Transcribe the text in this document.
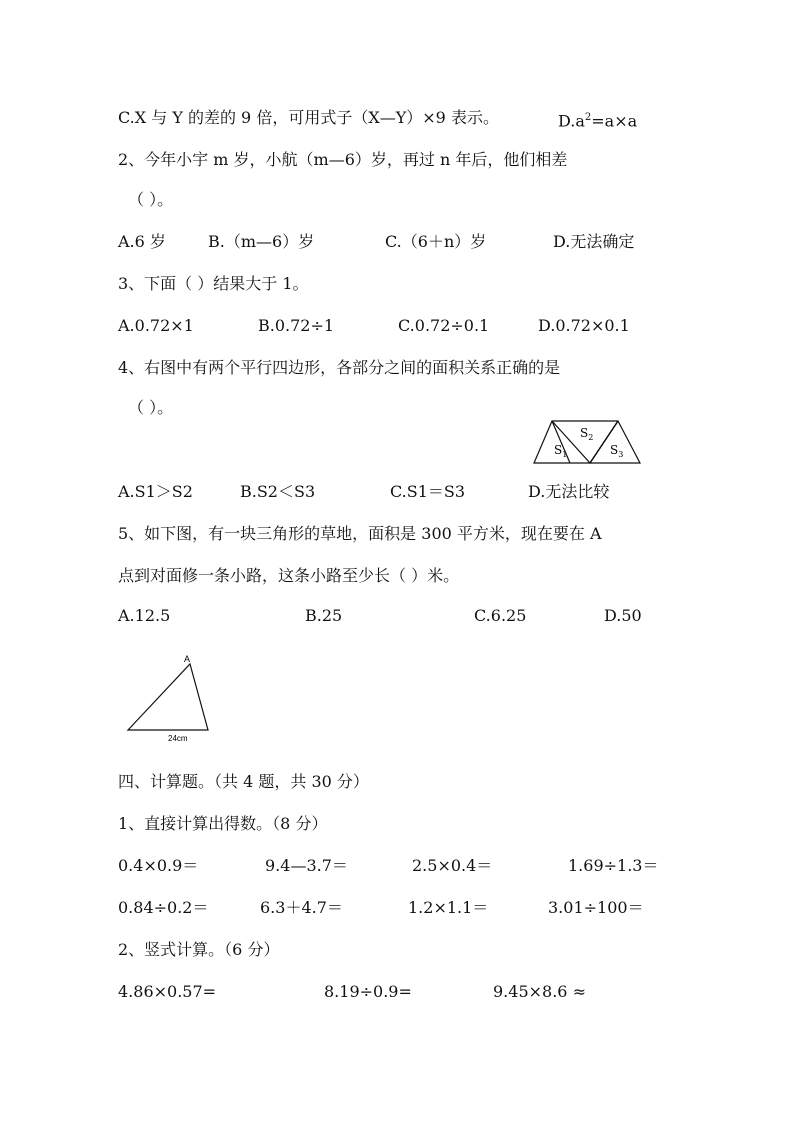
C.X 与 Y 的差的 9 倍，可用式子（X—Y）×9 表示。	$D.a^2=a\times a$
2、今年小宇 m 岁，小航（m—6）岁，再过 n 年后，他们相差
（ ）。
A.6 岁	B.（m—6）岁	C.（6＋n）岁	D.无法确定
3、下面（ ）结果大于 1。
A.0.72×1	B.0.72÷1	C.0.72÷0.1	D.0.72×0.1
4、右图中有两个平行四边形，各部分之间的面积关系正确的是
（ ）。
$S_1$
$S_2$
$S_3$
A.S1＞S2	B.S2＜S3	C.S1＝S3	D.无法比较
5、如下图，有一块三角形的草地，面积是 300 平方米，现在要在 A
点到对面修一条小路，这条小路至少长（ ）米。
A.12.5	B.25	C.6.25	D.50
A
24cm
四、计算题。（共 4 题，共 30 分）
1、直接计算出得数。（8 分）
0.4×0.9＝	9.4—3.7＝	2.5×0.4＝	1.69÷1.3＝
0.84÷0.2＝	6.3＋4.7＝	1.2×1.1＝	3.01÷100＝
2、竖式计算。（6 分）
4.86×0.57=	8.19÷0.9=	9.45×8.6 ≈
